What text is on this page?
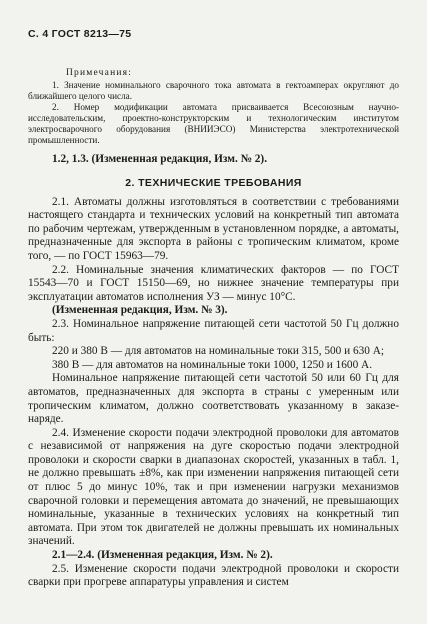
С. 4 ГОСТ 8213—75
Примечания:

1. Значение номинального сварочного тока автомата в гектоамперах округляют до ближайшего целого числа.

2. Номер модификации автомата присваивается Всесоюзным научно-исследовательским, проектно-конструкторским и технологическим институтом электросварочного оборудования (ВНИИЭСО) Министерства электротехнической промышленности.

1.2, 1.3. (Измененная редакция, Изм. № 2).

2. ТЕХНИЧЕСКИЕ ТРЕБОВАНИЯ

2.1. Автоматы должны изготовляться в соответствии с требованиями настоящего стандарта и технических условий на конкретный тип автомата по рабочим чертежам, утвержденным в установленном порядке, а автоматы, предназначенные для экспорта в районы с тропическим климатом, кроме того, — по ГОСТ 15963—79.

2.2. Номинальные значения климатических факторов — по ГОСТ 15543—70 и ГОСТ 15150—69, но нижнее значение температуры при эксплуатации автоматов исполнения УЗ — минус 10°С.

(Измененная редакция, Изм. № 3).

2.3. Номинальное напряжение питающей сети частотой 50 Гц должно быть:

220 и 380 В — для автоматов на номинальные токи 315, 500 и 630 А;

380 В — для автоматов на номинальные токи 1000, 1250 и 1600 А.

Номинальное напряжение питающей сети частотой 50 или 60 Гц для автоматов, предназначенных для экспорта в страны с умеренным или тропическим климатом, должно соответствовать указанному в заказе-наряде.

2.4. Изменение скорости подачи электродной проволоки для автоматов с независимой от напряжения на дуге скоростью подачи электродной проволоки и скорости сварки в диапазонах скоростей, указанных в табл. 1, не должно превышать ±8%, как при изменении напряжения питающей сети от плюс 5 до минус 10%, так и при изменении нагрузки механизмов сварочной головки и перемещения автомата до значений, не превышающих номинальные, указанные в технических условиях на конкретный тип автомата. При этом ток двигателей не должны превышать их номинальных значений.

2.1—2.4. (Измененная редакция, Изм. № 2).

2.5. Изменение скорости подачи электродной проволоки и скорости сварки при прогреве аппаратуры управления и систем
